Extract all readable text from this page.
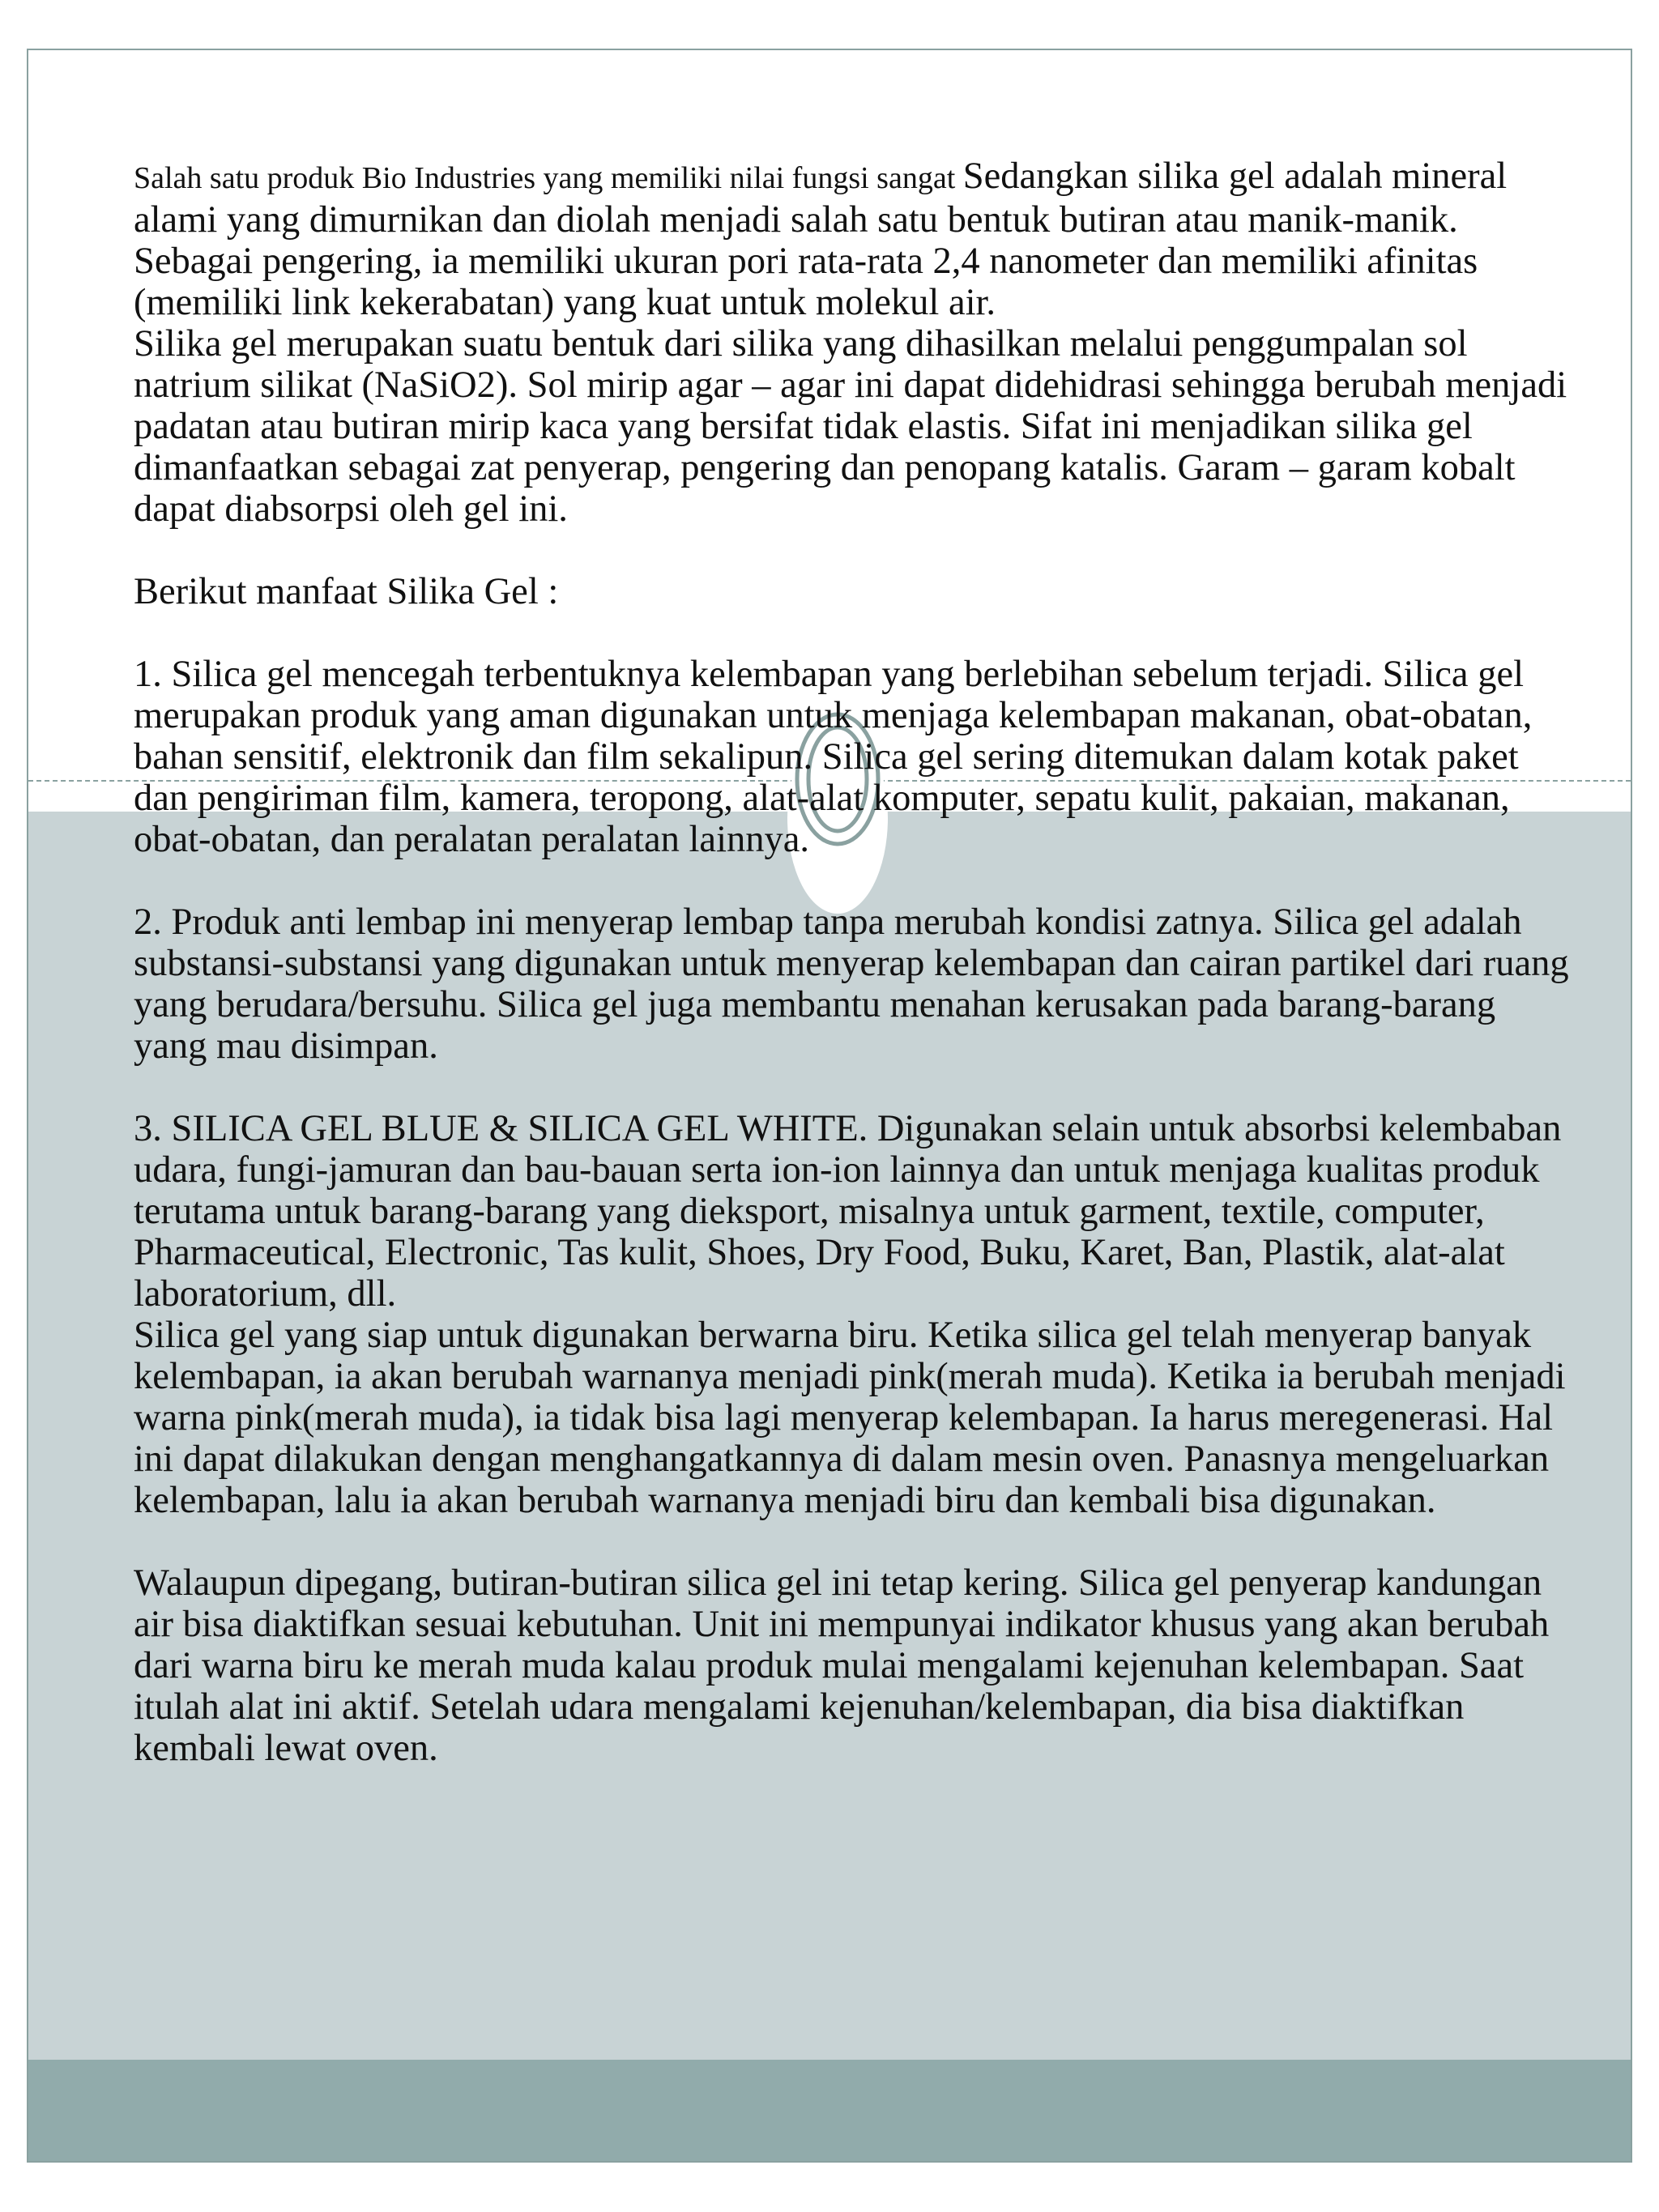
Salah satu produk Bio Industries yang memiliki nilai fungsi sangat Sedangkan silika gel adalah mineral alami yang dimurnikan dan diolah menjadi salah satu bentuk butiran atau manik-manik. Sebagai pengering, ia memiliki ukuran pori rata-rata 2,4 nanometer dan memiliki afinitas (memiliki link kekerabatan) yang kuat untuk molekul air.

Silika gel merupakan suatu bentuk dari silika yang dihasilkan melalui penggumpalan sol natrium silikat (NaSiO2). Sol mirip agar – agar ini dapat didehidrasi sehingga berubah menjadi padatan atau butiran mirip kaca yang bersifat tidak elastis. Sifat ini menjadikan silika gel dimanfaatkan sebagai zat penyerap, pengering dan penopang katalis. Garam – garam kobalt dapat diabsorpsi oleh gel ini.

Berikut manfaat Silika Gel :

1. Silica gel mencegah terbentuknya kelembapan yang berlebihan sebelum terjadi. Silica gel merupakan produk yang aman digunakan untuk menjaga kelembapan makanan, obat-obatan, bahan sensitif, elektronik dan film sekalipun. Silica gel sering ditemukan dalam kotak paket dan pengiriman film, kamera, teropong, alat-alat komputer, sepatu kulit, pakaian, makanan, obat-obatan, dan peralatan peralatan lainnya.

2. Produk anti lembap ini menyerap lembap tanpa merubah kondisi zatnya. Silica gel adalah substansi-substansi yang digunakan untuk menyerap kelembapan dan cairan partikel dari ruang yang berudara/bersuhu. Silica gel juga membantu menahan kerusakan pada barang-barang yang mau disimpan.

3. SILICA GEL BLUE & SILICA GEL WHITE. Digunakan selain untuk absorbsi kelembaban udara, fungi-jamuran dan bau-bauan serta ion-ion lainnya dan untuk menjaga kualitas produk terutama untuk barang-barang yang dieksport, misalnya untuk garment, textile, computer, Pharmaceutical, Electronic, Tas kulit, Shoes, Dry Food, Buku, Karet, Ban, Plastik, alat-alat laboratorium, dll.

Silica gel yang siap untuk digunakan berwarna biru. Ketika silica gel telah menyerap banyak kelembapan, ia akan berubah warnanya menjadi pink(merah muda). Ketika ia berubah menjadi warna pink(merah muda), ia tidak bisa lagi menyerap kelembapan. Ia harus meregenerasi. Hal ini dapat dilakukan dengan menghangatkannya di dalam mesin oven. Panasnya mengeluarkan kelembapan, lalu ia akan berubah warnanya menjadi biru dan kembali bisa digunakan.

Walaupun dipegang, butiran-butiran silica gel ini tetap kering. Silica gel penyerap kandungan air bisa diaktifkan sesuai kebutuhan. Unit ini mempunyai indikator khusus yang akan berubah dari warna biru ke merah muda kalau produk mulai mengalami kejenuhan kelembapan. Saat itulah alat ini aktif. Setelah udara mengalami kejenuhan/kelembapan, dia bisa diaktifkan kembali lewat oven.
